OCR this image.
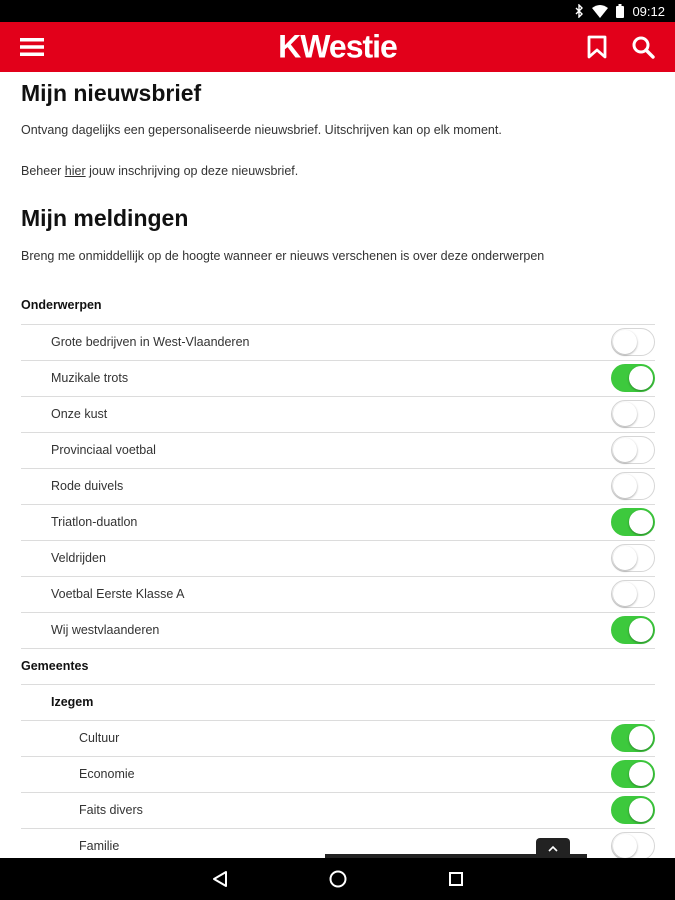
09:12
KWestie
Mijn nieuwsbrief

Ontvang dagelijks een gepersonaliseerde nieuwsbrief. Uitschrijven kan op elk moment.

Beheer hier jouw inschrijving op deze nieuwsbrief.

Mijn meldingen

Breng me onmiddellijk op de hoogte wanneer er nieuws verschenen is over deze onderwerpen

Onderwerpen
Grote bedrijven in West-Vlaanderen
Muzikale trots
Onze kust
Provinciaal voetbal
Rode duivels
Triatlon-duatlon
Veldrijden
Voetbal Eerste Klasse A
Wij westvlaanderen
Gemeentes
Izegem
Cultuur
Economie
Faits divers
Familie
